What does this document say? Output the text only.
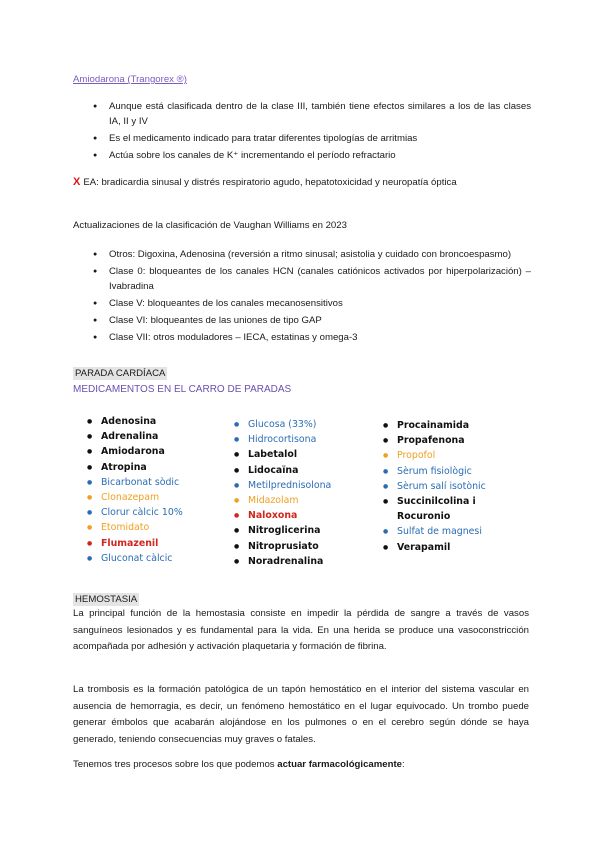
Amiodarona (Trangorex ®)
● Aunque está clasificada dentro de la clase III, también tiene efectos similares a los de las clases IA, II y IV
● Es el medicamento indicado para tratar diferentes tipologías de arritmias
● Actúa sobre los canales de K⁺ incrementando el período refractario
X EA: bradicardia sinusal y distrés respiratorio agudo, hepatotoxicidad y neuropatía óptica
Actualizaciones de la clasificación de Vaughan Williams en 2023
● Otros: Digoxina, Adenosina (reversión a ritmo sinusal; asistolia y cuidado con broncoespasmo)
● Clase 0: bloqueantes de los canales HCN (canales catiónicos activados por hiperpolarización) – Ivabradina
● Clase V: bloqueantes de los canales mecanosensitivos
● Clase VI: bloqueantes de las uniones de tipo GAP
● Clase VII: otros moduladores – IECA, estatinas y omega-3
PARADA CARDÍACA
MEDICAMENTOS EN EL CARRO DE PARADAS
● Adenosina
● Adrenalina
● Amiodarona
● Atropina
● Bicarbonat sòdic
● Clonazepam
● Clorur càlcic 10%
● Etomidato
● Flumazenil
● Gluconat càlcic
● Glucosa (33%)
● Hidrocortisona
● Labetalol
● Lidocaïna
● Metilprednisolona
● Midazolam
● Naloxona
● Nitroglicerina
● Nitroprusiato
● Noradrenalina
● Procainamida
● Propafenona
● Propofol
● Sèrum fisiològic
● Sèrum salí isotònic
● Succinilcolina i
Rocuronio
● Sulfat de magnesi
● Verapamil
HEMOSTASIA

La principal función de la hemostasia consiste en impedir la pérdida de sangre a través de vasos sanguíneos lesionados y es fundamental para la vida. En una herida se produce una vasoconstricción acompañada por adhesión y activación plaquetaria y formación de fibrina.

La trombosis es la formación patológica de un tapón hemostático en el interior del sistema vascular en ausencia de hemorragia, es decir, un fenómeno hemostático en el lugar equivocado. Un trombo puede generar émbolos que acabarán alojándose en los pulmones o en el cerebro según dónde se haya generado, teniendo consecuencias muy graves o fatales.

Tenemos tres procesos sobre los que podemos actuar farmacológicamente:
